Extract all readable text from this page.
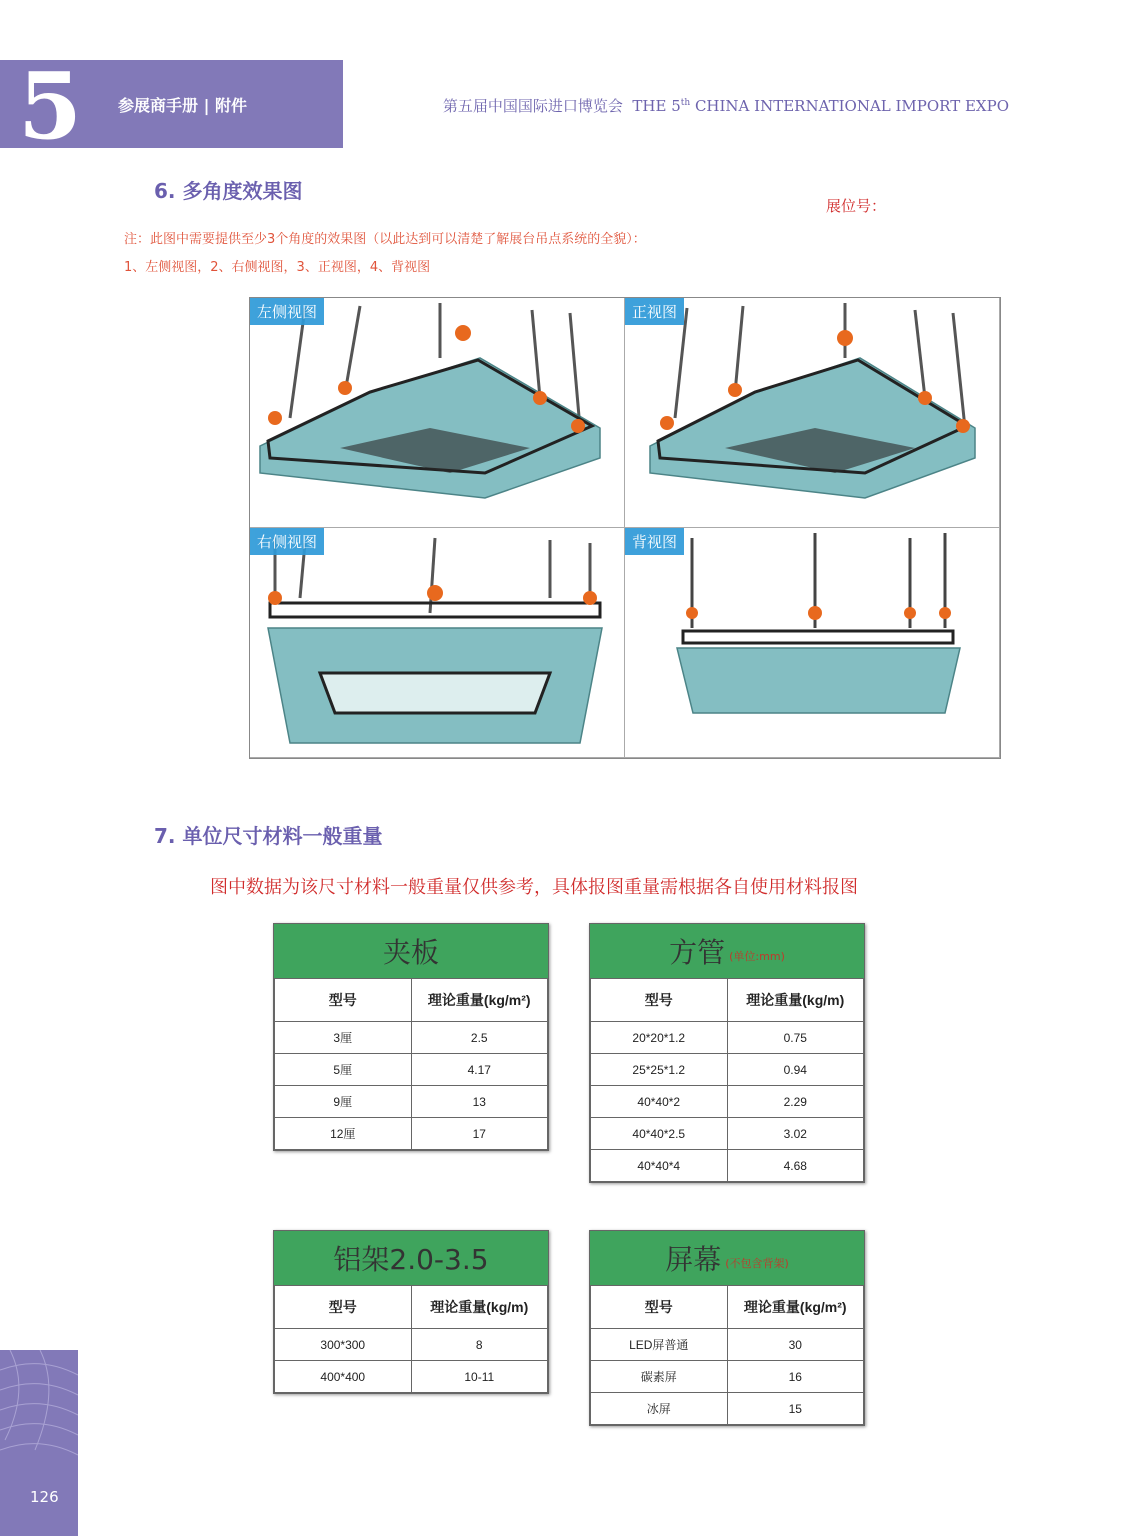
5 参展商手册 | 附件	第五届中国国际进口博览会 THE 5th CHINA INTERNATIONAL IMPORT EXPO
6. 多角度效果图
展位号：
注：此图中需要提供至少3个角度的效果图（以此达到可以清楚了解展台吊点系统的全貌）：
1、左侧视图，2、右侧视图，3、正视图，4、背视图
左侧视图	正视图
右侧视图	背视图
7. 单位尺寸材料一般重量
图中数据为该尺寸材料一般重量仅供参考，具体报图重量需根据各自使用材料报图
夹板
型号	理论重量(kg/m²)
3厘	2.5
5厘	4.17
9厘	13
12厘	17
方管 (单位:mm)
型号	理论重量(kg/m)
20*20*1.2	0.75
25*25*1.2	0.94
40*40*2	2.29
40*40*2.5	3.02
40*40*4	4.68
铝架2.0-3.5
型号	理论重量(kg/m)
300*300	8
400*400	10-11
屏幕 (不包含背架)
型号	理论重量(kg/m²)
LED屏普通	30
碳素屏	16
冰屏	15
126
